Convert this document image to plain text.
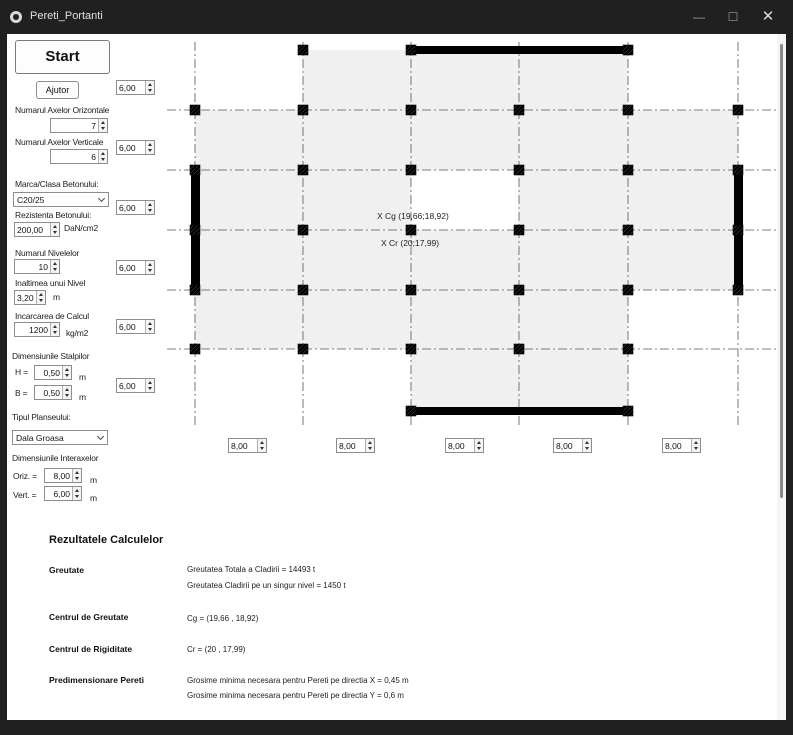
Pereti_Portanti	—	☐	✕
Start
Ajutor
Numarul Axelor Orizontale
7
Numarul Axelor Verticale
6
Marca/Clasa Betonului:
C20/25
Rezistenta Betonului:
200,00 DaN/cm2
Numarul Nivelelor
10
Inaltimea unui Nivel
3,20 m
Incarcarea de Calcul
1200 kg/m2
Dimensiunile Stalpilor
H = 0,50 m
B = 0,50 m
Tipul Planseului:
Dala Groasa
Dimensiunile Interaxelor
Oriz. = 8,00 m
Vert. = 6,00 m
6,00
6,00
6,00
6,00
6,00
6,00
8,00	8,00	8,00	8,00	8,00
X Cg (19,66;18,92)
X Cr (20;17,99)
Rezultatele Calculelor
Greutate	Greutatea Totala a Cladirii = 14493 t
Greutatea Cladirii pe un singur nivel = 1450 t
Centrul de Greutate	Cg = (19,66 , 18,92)
Centrul de Rigiditate	Cr = (20 , 17,99)
Predimensionare Pereti	Grosime minima necesara pentru Pereti pe directia X = 0,45 m
Grosime minima necesara pentru Pereti pe directia Y = 0,6 m
